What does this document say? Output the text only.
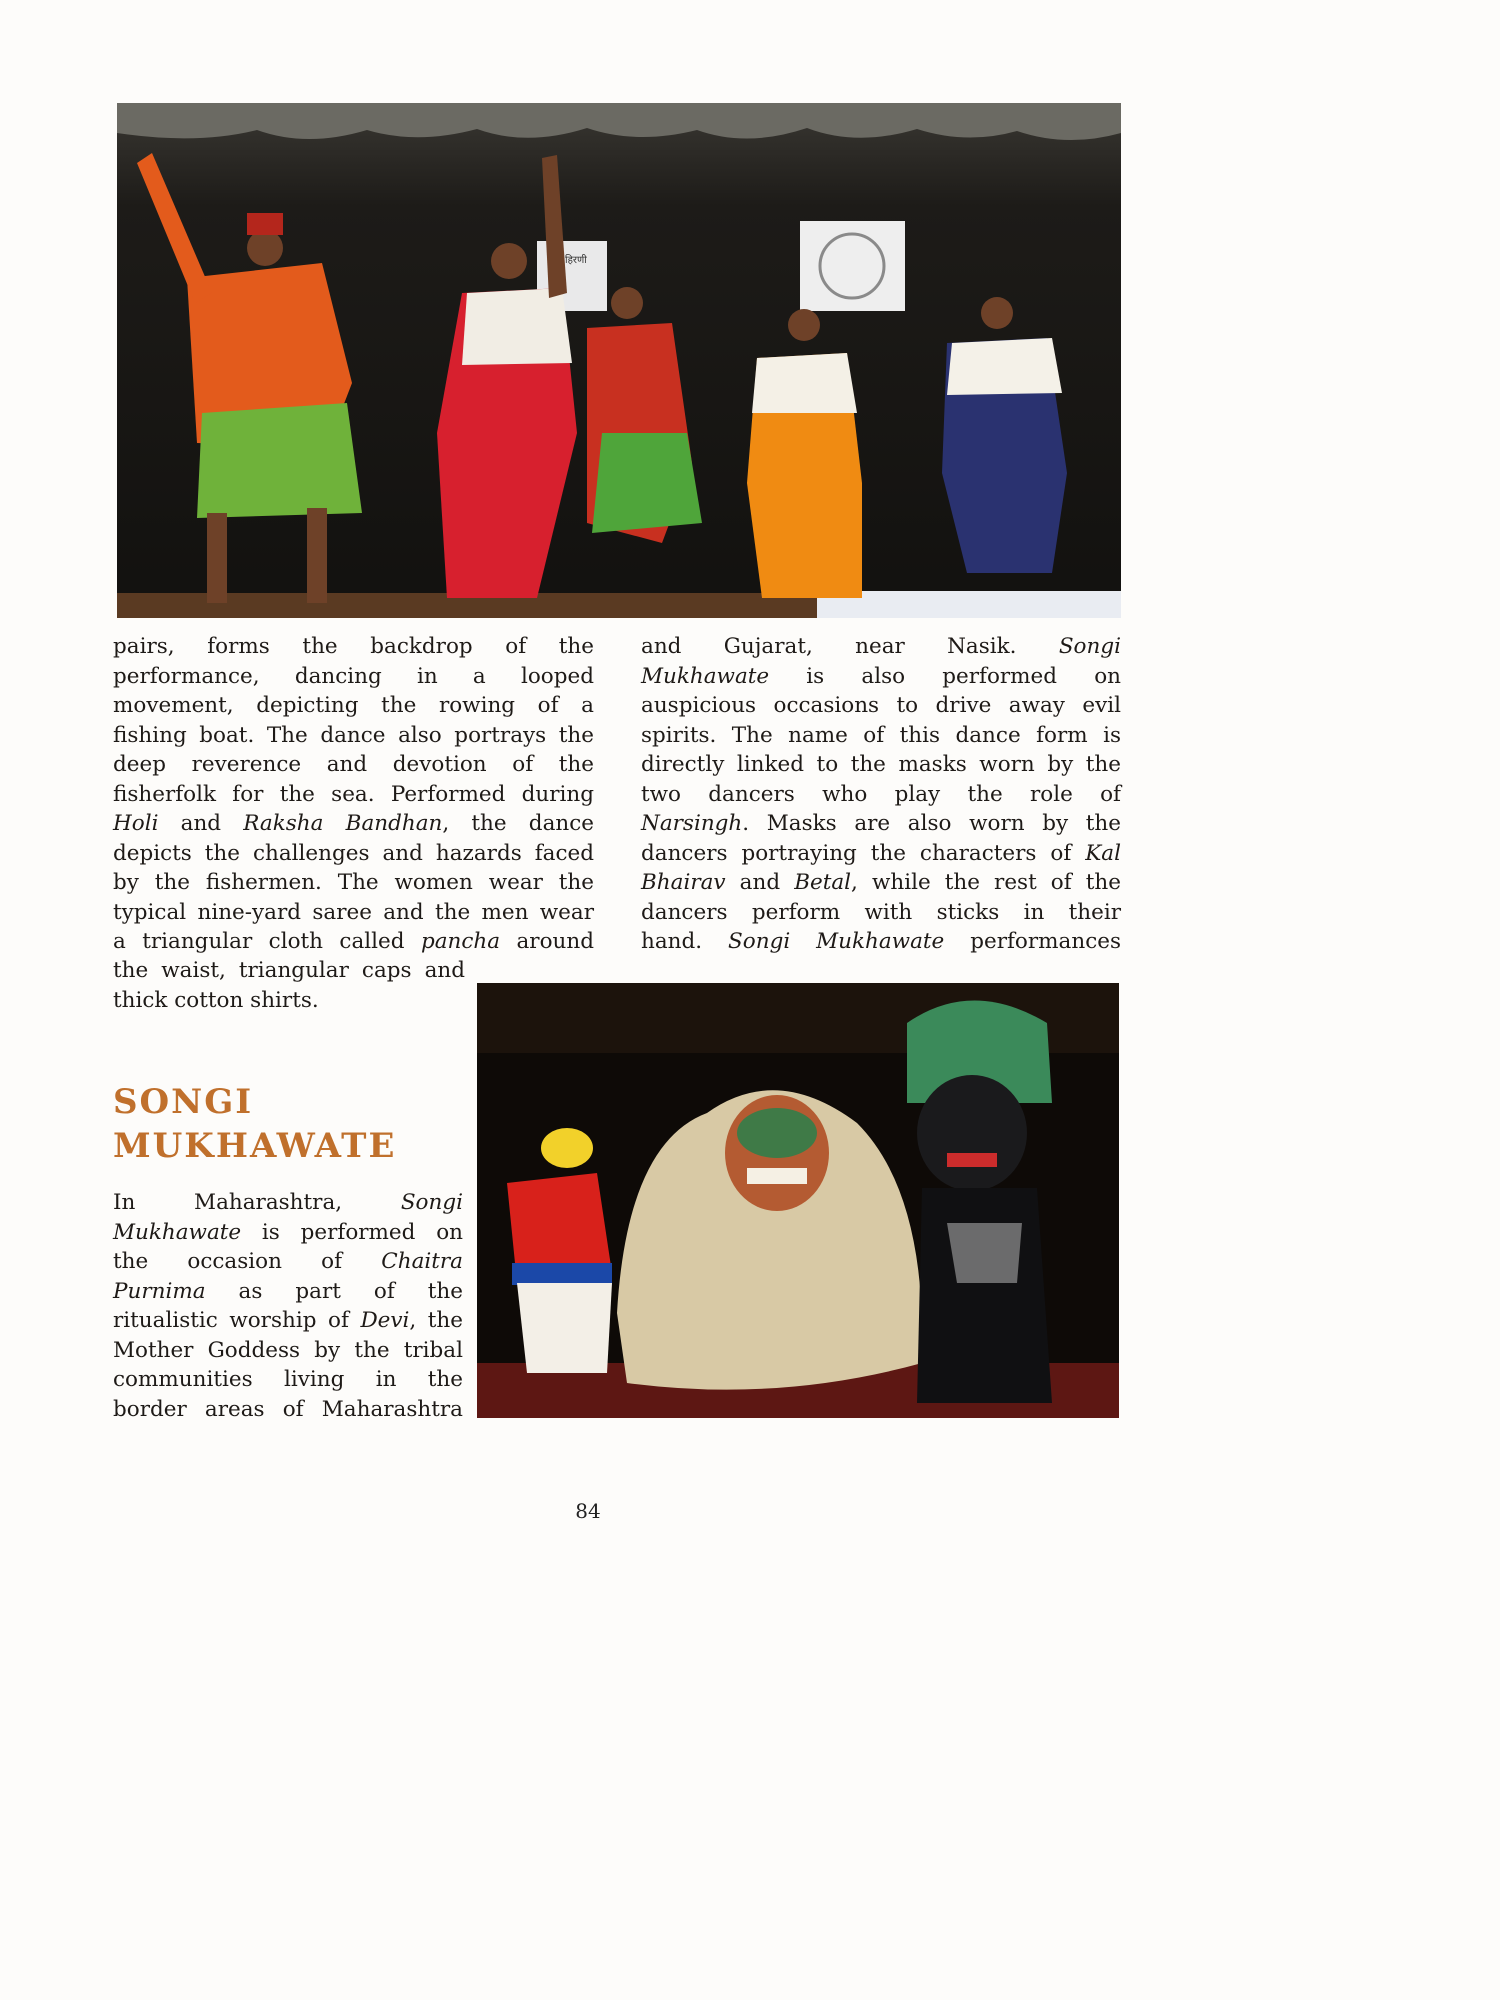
हिरणी
pairs, forms the backdrop of the
performance, dancing in a looped
movement, depicting the rowing of a
fishing boat. The dance also portrays the
deep reverence and devotion of the
fisherfolk for the sea. Performed during
Holi and Raksha Bandhan, the dance
depicts the challenges and hazards faced
by the fishermen. The women wear the
typical nine-yard saree and the men wear
a triangular cloth called pancha around
the waist, triangular caps and
thick cotton shirts.
and Gujarat, near Nasik. Songi
Mukhawate is also performed on
auspicious occasions to drive away evil
spirits. The name of this dance form is
directly linked to the masks worn by the
two dancers who play the role of
Narsingh. Masks are also worn by the
dancers portraying the characters of Kal
Bhairav and Betal, while the rest of the
dancers perform with sticks in their
hand. Songi Mukhawate performances
SONGI
MUKHAWATE
In Maharashtra, Songi
Mukhawate is performed on
the occasion of Chaitra
Purnima as part of the
ritualistic worship of Devi, the
Mother Goddess by the tribal
communities living in the
border areas of Maharashtra
84
